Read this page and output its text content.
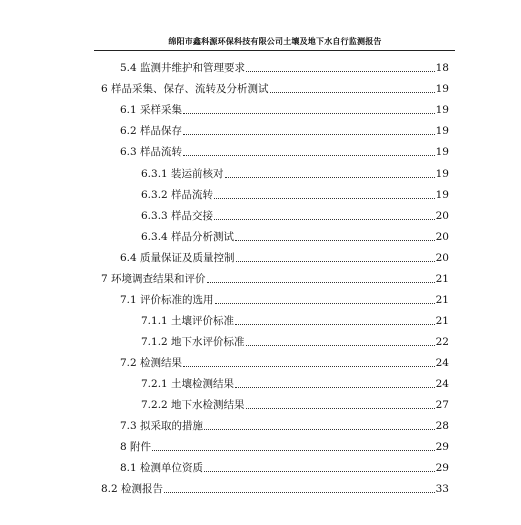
绵阳市鑫科源环保科技有限公司土壤及地下水自行监测报告
5.4 监测井维护和管理要求	18
6 样品采集、保存、流转及分析测试	19
6.1 采样采集	19
6.2 样品保存	19
6.3 样品流转	19
6.3.1 装运前核对	19
6.3.2 样品流转	19
6.3.3 样品交接	20
6.3.4 样品分析测试	20
6.4 质量保证及质量控制	20
7 环境调查结果和评价	21
7.1 评价标准的选用	21
7.1.1 土壤评价标准	21
7.1.2 地下水评价标准	22
7.2 检测结果	24
7.2.1 土壤检测结果	24
7.2.2 地下水检测结果	27
7.3 拟采取的措施	28
8 附件	29
8.1 检测单位资质	29
8.2 检测报告	33
